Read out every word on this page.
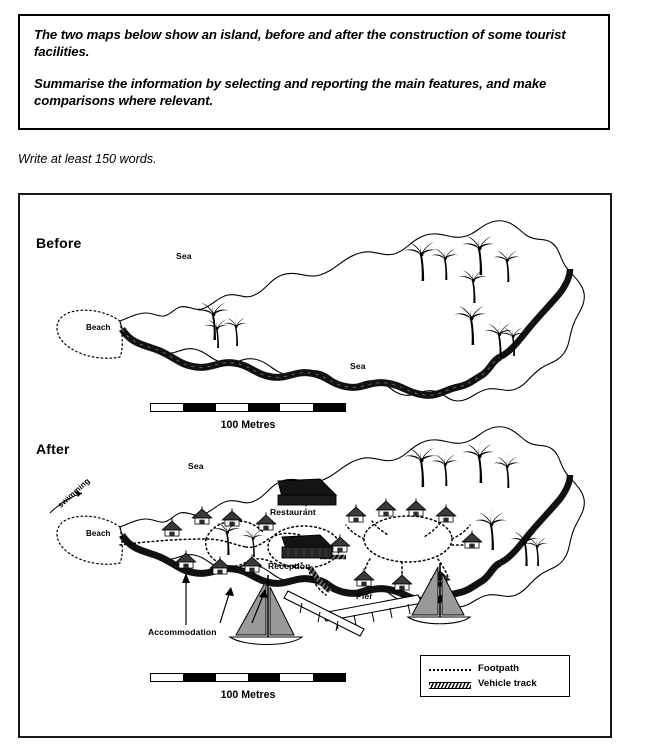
The two maps below show an island, before and after the construction of some tourist facilities.

Summarise the information by selecting and reporting the main features, and make comparisons where relevant.

Write at least 150 words.
Before
Sea
Sea
Beach
100 Metres
After
Sea
Beach
swimming
Restaurant
Reception
Accommodation
Pier
Footpath
Vehicle track
100 Metres
